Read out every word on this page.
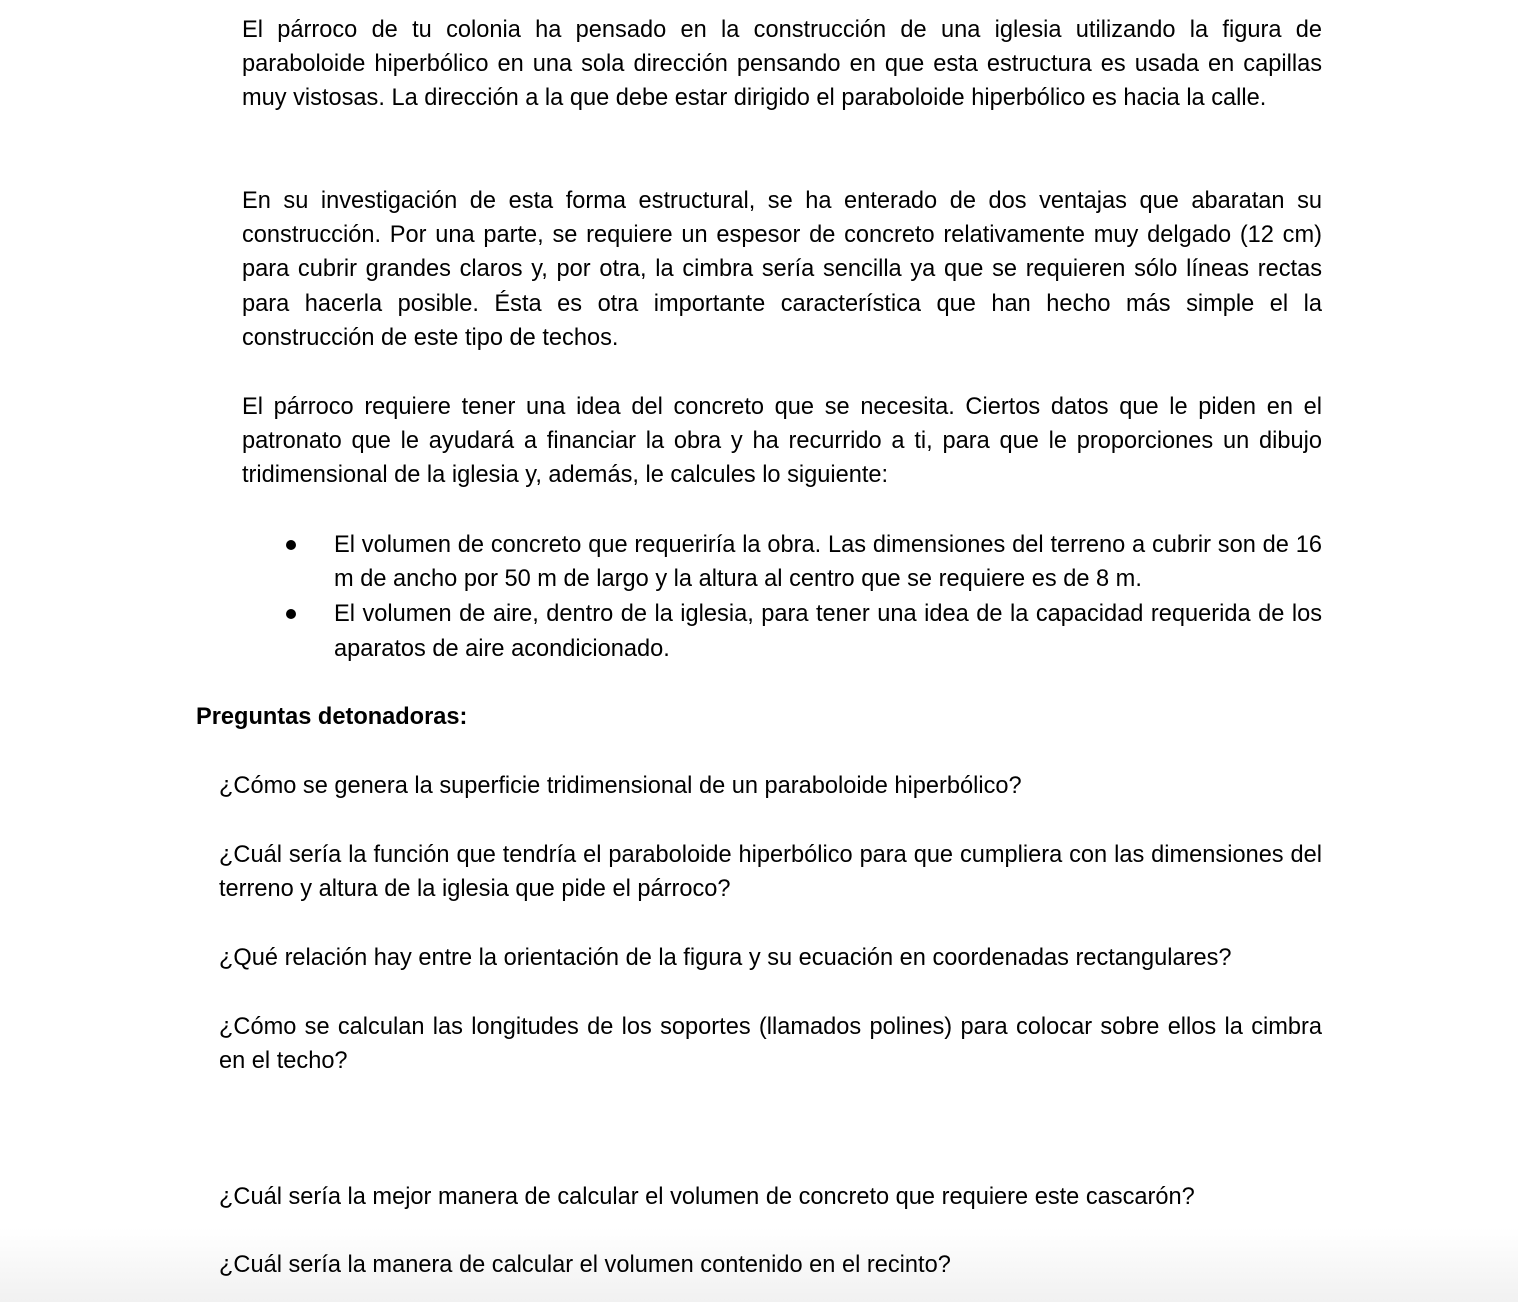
El párroco de tu colonia ha pensado en la construcción de una iglesia utilizando la figura de paraboloide hiperbólico en una sola dirección pensando en que esta estructura es usada en capillas muy vistosas. La dirección a la que debe estar dirigido el paraboloide hiperbólico es hacia la calle.

En su investigación de esta forma estructural, se ha enterado de dos ventajas que abaratan su construcción. Por una parte, se requiere un espesor de concreto relativamente muy delgado (12 cm) para cubrir grandes claros y, por otra, la cimbra sería sencilla ya que se requieren sólo líneas rectas para hacerla posible. Ésta es otra importante característica que han hecho más simple el la construcción de este tipo de techos.

El párroco requiere tener una idea del concreto que se necesita. Ciertos datos que le piden en el patronato que le ayudará a financiar la obra y ha recurrido a ti, para que le proporciones un dibujo tridimensional de la iglesia y, además, le calcules lo siguiente:

El volumen de concreto que requeriría la obra. Las dimensiones del terreno a cubrir son de 16 m de ancho por 50 m de largo y la altura al centro que se requiere es de 8 m.
El volumen de aire, dentro de la iglesia, para tener una idea de la capacidad requerida de los aparatos de aire acondicionado.

Preguntas detonadoras:

¿Cómo se genera la superficie tridimensional de un paraboloide hiperbólico?

¿Cuál sería la función que tendría el paraboloide hiperbólico para que cumpliera con las dimensiones del terreno y altura de la iglesia que pide el párroco?

¿Qué relación hay entre la orientación de la figura y su ecuación en coordenadas rectangulares?

¿Cómo se calculan las longitudes de los soportes (llamados polines) para colocar sobre ellos la cimbra en el techo?

¿Cuál sería la mejor manera de calcular el volumen de concreto que requiere este cascarón?

¿Cuál sería la manera de calcular el volumen contenido en el recinto?
